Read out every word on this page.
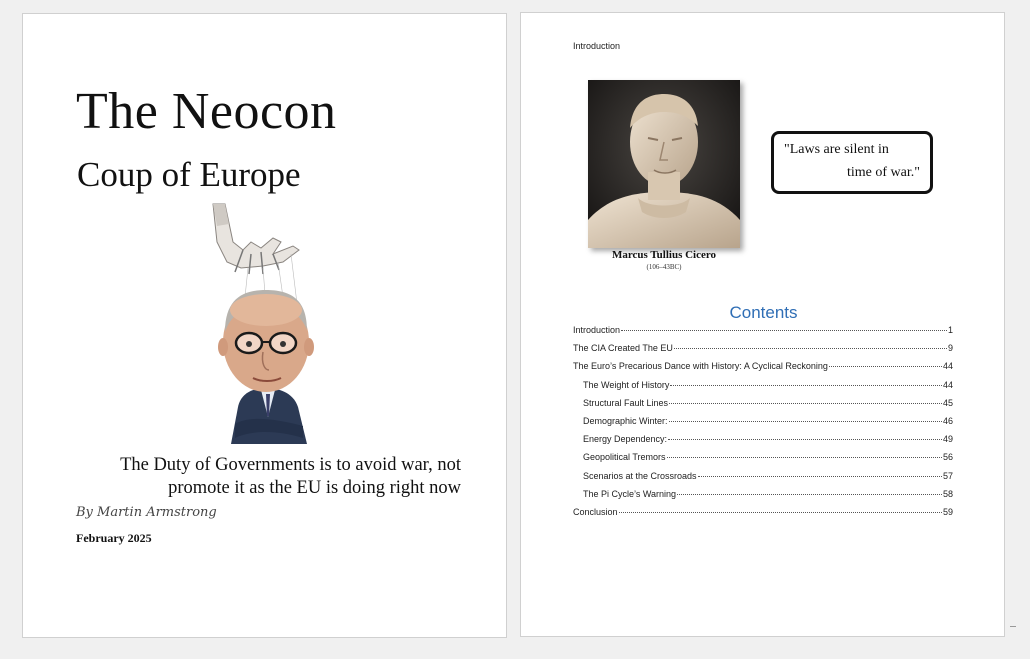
The Neocon
Coup of Europe
The Duty of Governments is to avoid war, not
promote it as the EU is doing right now
By Martin Armstrong
February 2025
Introduction
Marcus Tullius Cicero
(106–43BC)
"Laws are silent in
time of war."
Contents
Introduction	1
The CIA Created The EU	9
The Euro’s Precarious Dance with History: A Cyclical Reckoning	44
The Weight of History	44
Structural Fault Lines	45
Demographic Winter:	46
Energy Dependency:	49
Geopolitical Tremors	56
Scenarios at the Crossroads	57
The Pi Cycle’s Warning	58
Conclusion	59
